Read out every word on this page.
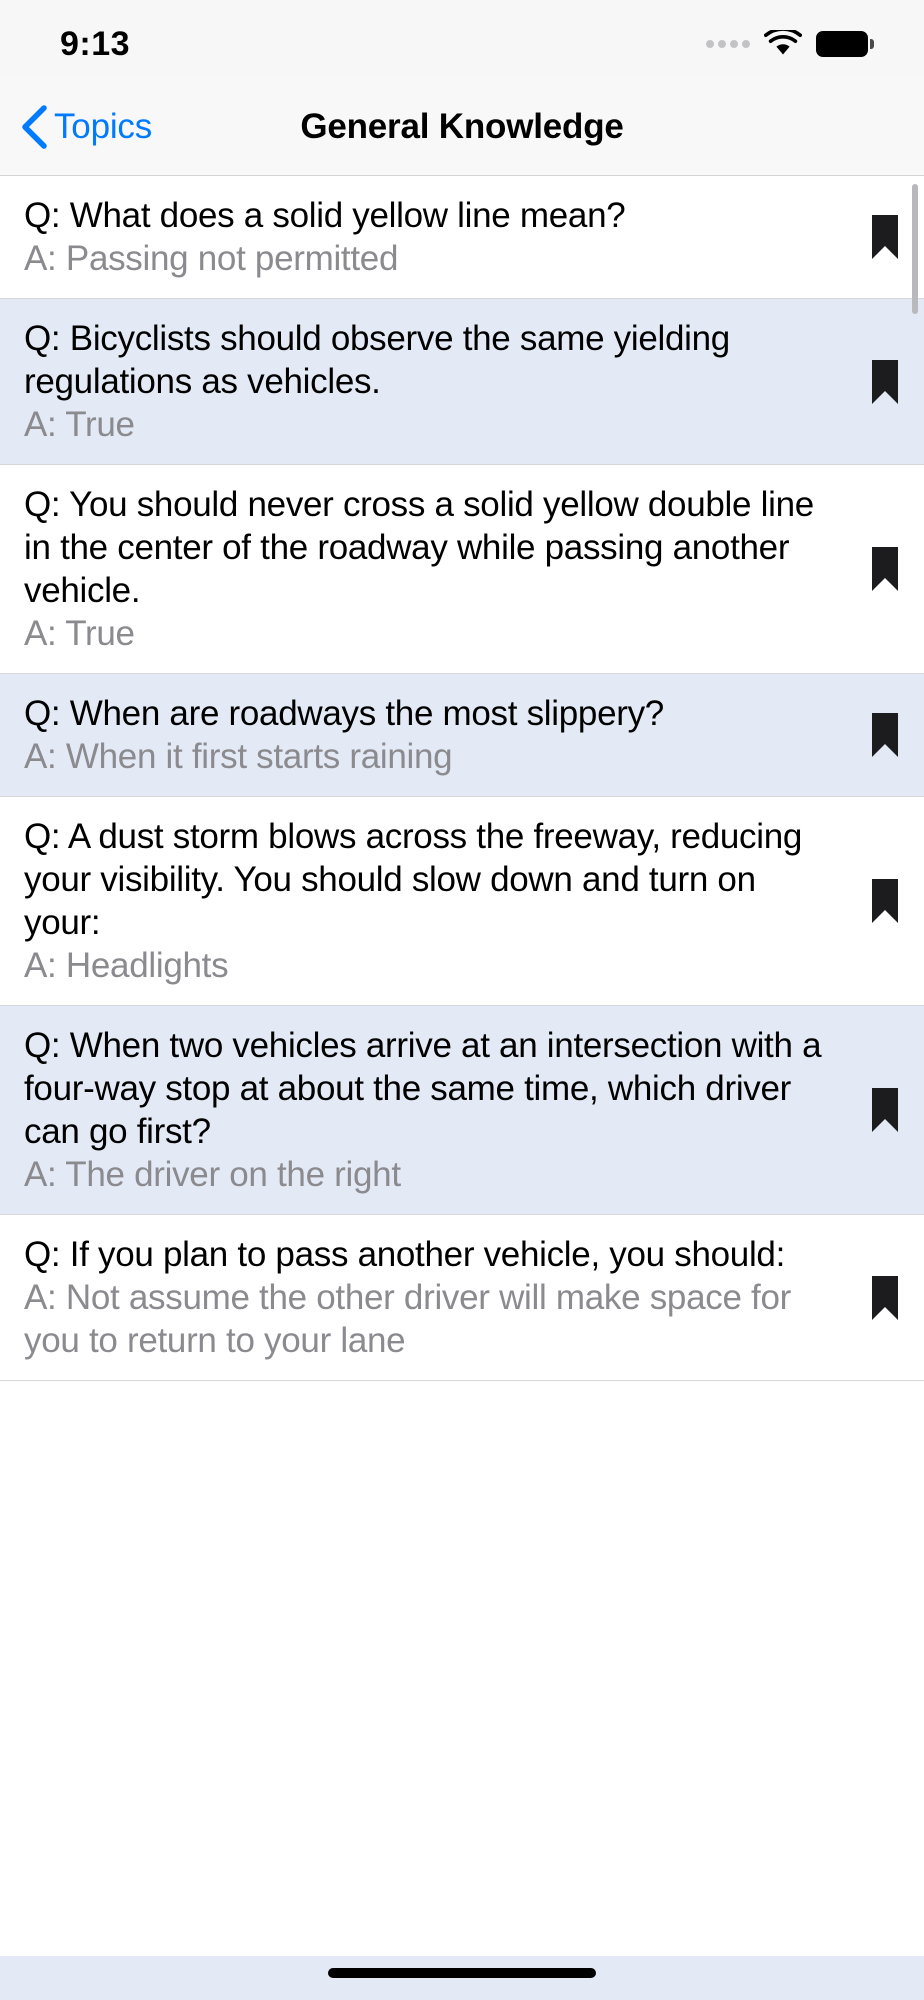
9:13
Topics	General Knowledge
Q: What does a solid yellow line mean?
A: Passing not permitted
Q: Bicyclists should observe the same yielding regulations as vehicles.
A: True
Q: You should never cross a solid yellow double line in the center of the roadway while passing another vehicle.
A: True
Q: When are roadways the most slippery?
A: When it first starts raining
Q: A dust storm blows across the freeway, reducing your visibility. You should slow down and turn on your:
A: Headlights
Q: When two vehicles arrive at an intersection with a four-way stop at about the same time, which driver can go first?
A: The driver on the right
Q: If you plan to pass another vehicle, you should:
A: Not assume the other driver will make space for you to return to your lane
